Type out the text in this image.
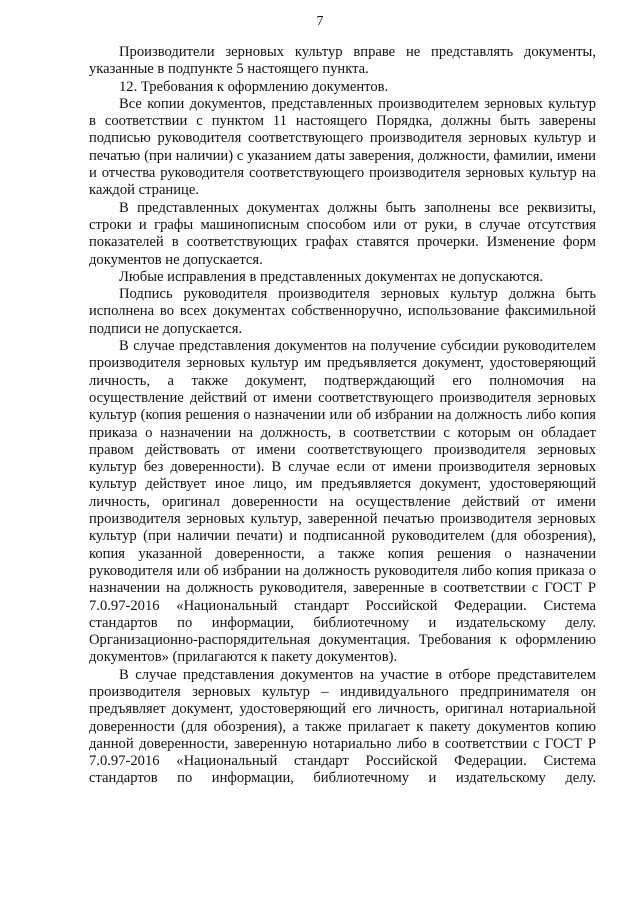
7

Производители зерновых культур вправе не представлять документы, указанные в подпункте 5 настоящего пункта.

12. Требования к оформлению документов.

Все копии документов, представленных производителем зерновых культур в соответствии с пунктом 11 настоящего Порядка, должны быть заверены подписью руководителя соответствующего производителя зерновых культур и печатью (при наличии) с указанием даты заверения, должности, фамилии, имени и отчества руководителя соответствующего производителя зерновых культур на каждой странице.

В представленных документах должны быть заполнены все реквизиты, строки и графы машинописным способом или от руки, в случае отсутствия показателей в соответствующих графах ставятся прочерки. Изменение форм документов не допускается.

Любые исправления в представленных документах не допускаются.

Подпись руководителя производителя зерновых культур должна быть исполнена во всех документах собственноручно, использование факсимильной подписи не допускается.

В случае представления документов на получение субсидии руководителем производителя зерновых культур им предъявляется документ, удостоверяющий личность, а также документ, подтверждающий его полномочия на осуществление действий от имени соответствующего производителя зерновых культур (копия решения о назначении или об избрании на должность либо копия приказа о назначении на должность, в соответствии с которым он обладает правом действовать от имени соответствующего производителя зерновых культур без доверенности). В случае если от имени производителя зерновых культур действует иное лицо, им предъявляется документ, удостоверяющий личность, оригинал доверенности на осуществление действий от имени производителя зерновых культур, заверенной печатью производителя зерновых культур (при наличии печати) и подписанной руководителем (для обозрения), копия указанной доверенности, а также копия решения о назначении руководителя или об избрании на должность руководителя либо копия приказа о назначении на должность руководителя, заверенные в соответствии с ГОСТ Р 7.0.97-2016 «Национальный стандарт Российской Федерации. Система стандартов по информации, библиотечному и издательскому делу. Организационно-распорядительная документация. Требования к оформлению документов» (прилагаются к пакету документов).

В случае представления документов на участие в отборе представителем производителя зерновых культур – индивидуального предпринимателя он предъявляет документ, удостоверяющий его личность, оригинал нотариальной доверенности (для обозрения), а также прилагает к пакету документов копию данной доверенности, заверенную нотариально либо в соответствии с ГОСТ Р 7.0.97-2016 «Национальный стандарт Российской Федерации. Система стандартов по информации, библиотечному и издательскому делу.
